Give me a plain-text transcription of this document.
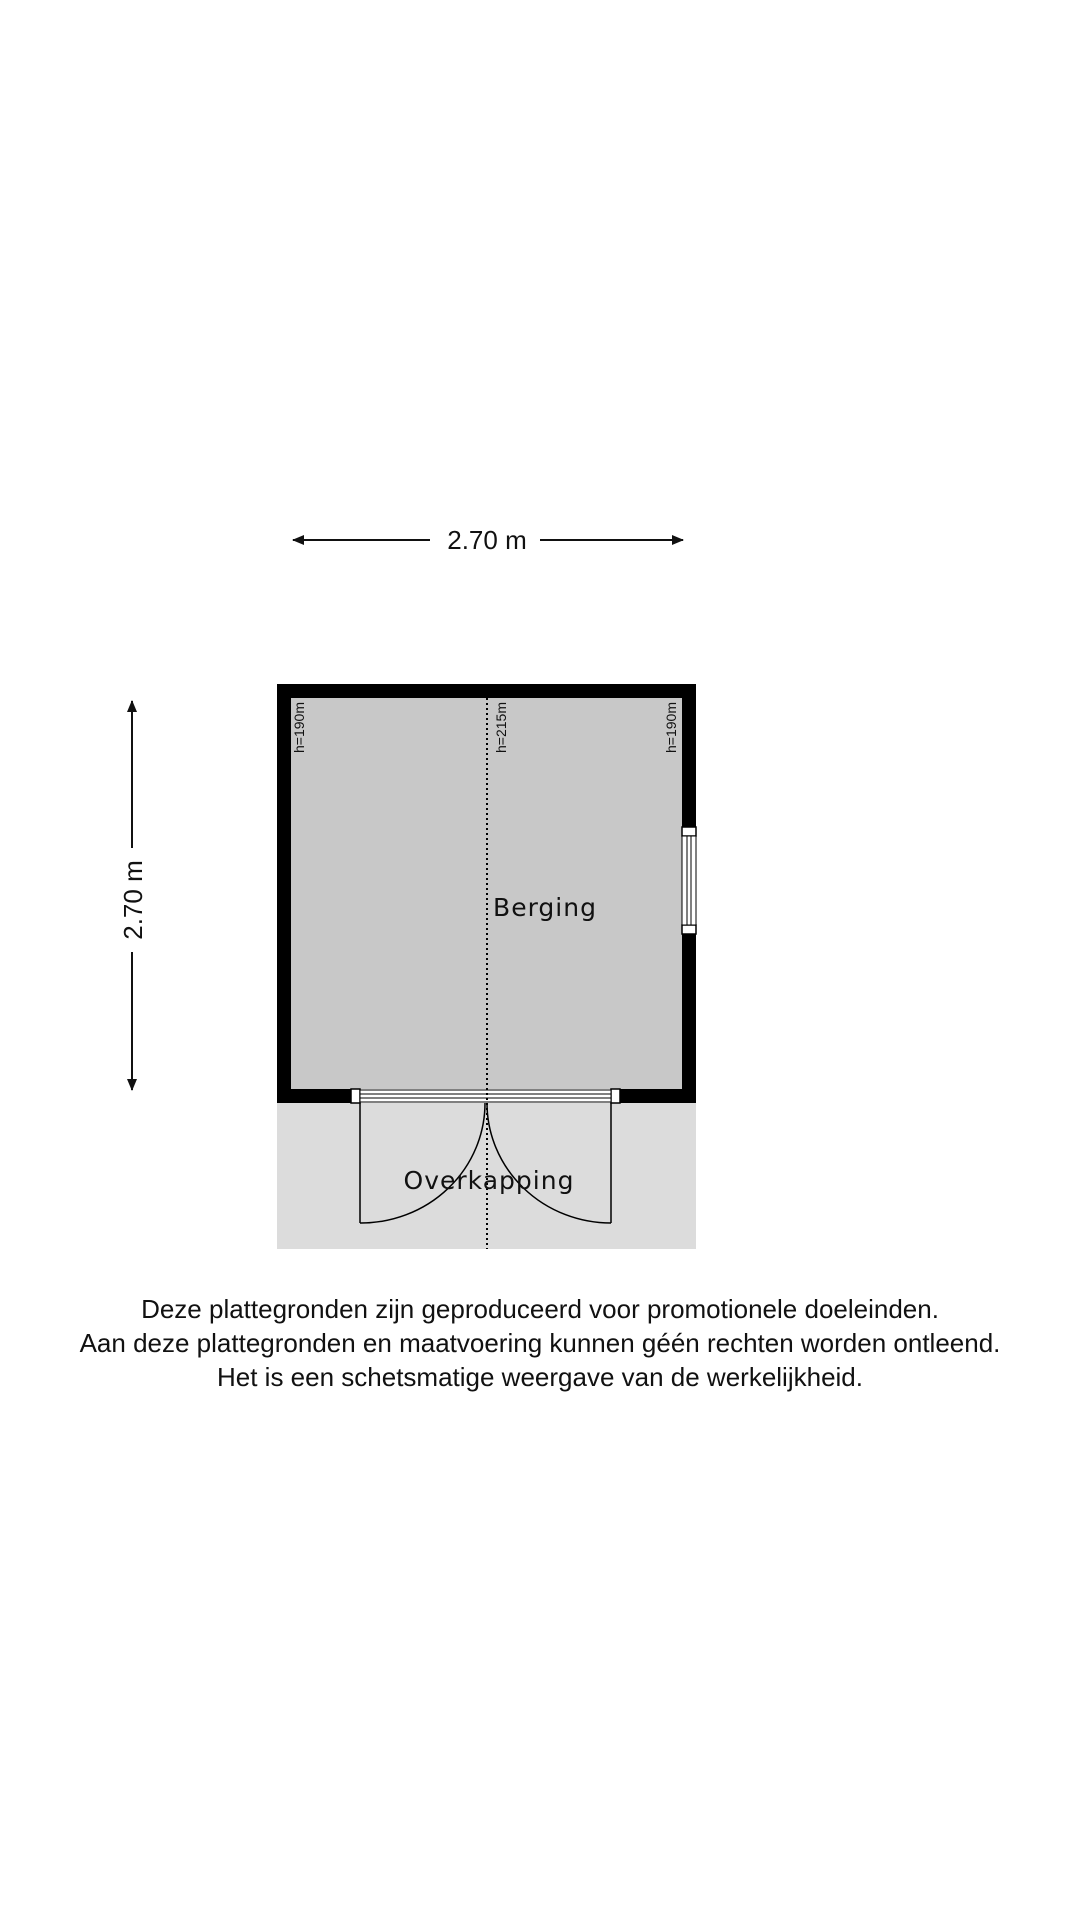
2.70 m
2.70 m
h=190m	h=215m	h=190m
Berging
Overkapping
Deze plattegronden zijn geproduceerd voor promotionele doeleinden.
Aan deze plattegronden en maatvoering kunnen géén rechten worden ontleend.
Het is een schetsmatige weergave van de werkelijkheid.
